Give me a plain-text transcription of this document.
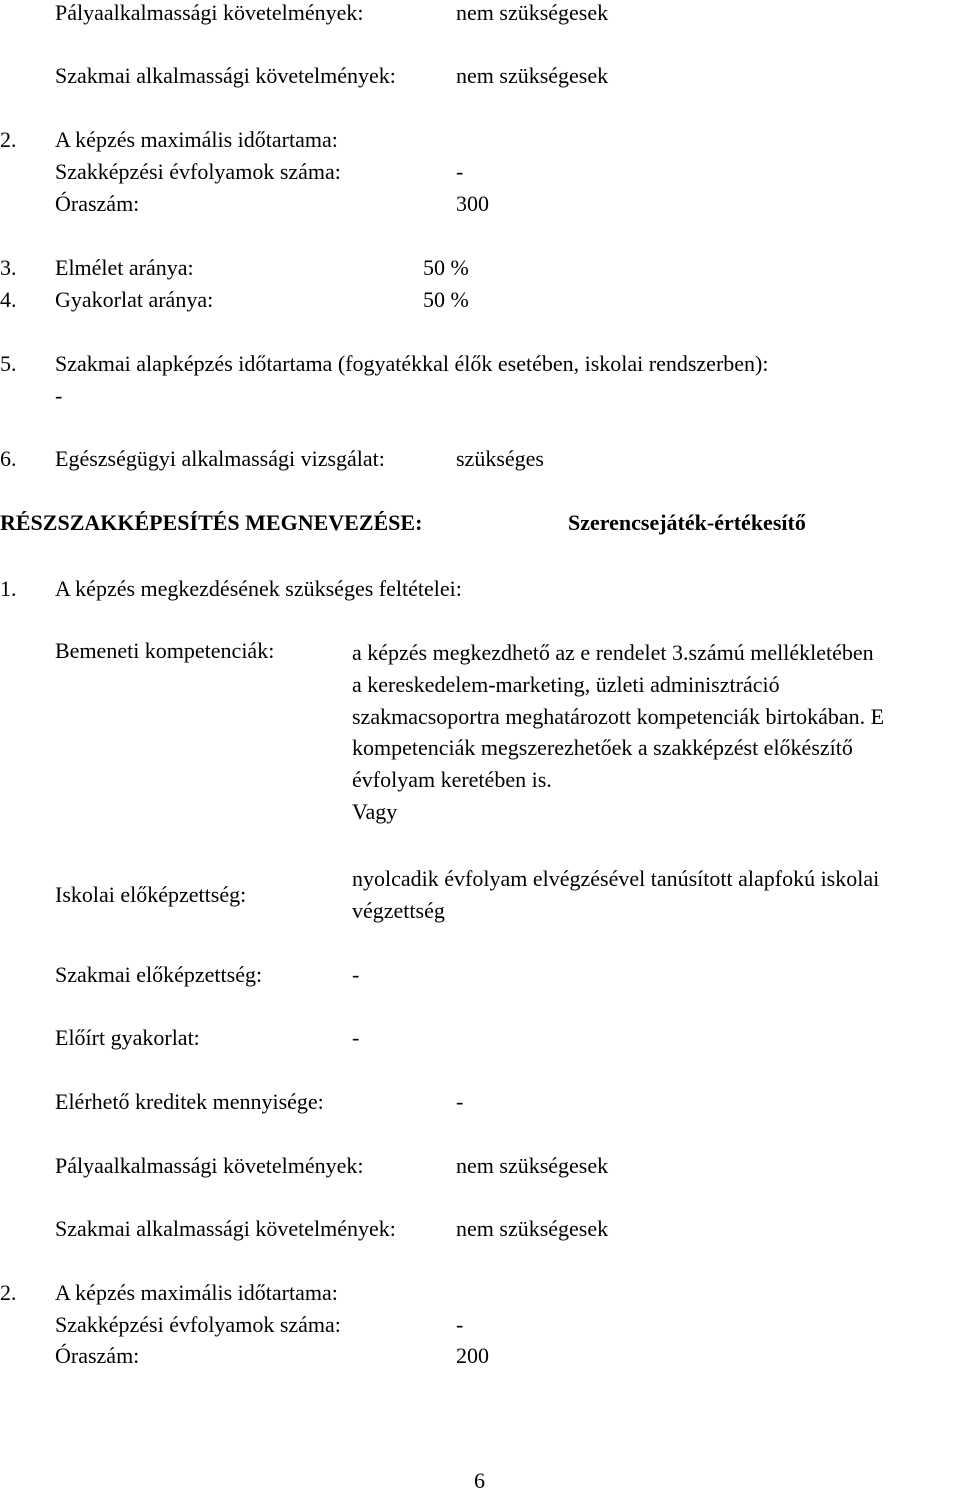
Pályaalkalmassági követelmények:	nem szükségesek

Szakmai alkalmassági követelmények:	nem szükségesek

2. A képzés maximális időtartama:

Szakképzési évfolyamok száma:	-

Óraszám:	300

3. Elmélet aránya:	50 %

4. Gyakorlat aránya:	50 %

5. Szakmai alapképzés időtartama (fogyatékkal élők esetében, iskolai rendszerben):

-

6. Egészségügyi alkalmassági vizsgálat:	szükséges

RÉSZSZAKKÉPESÍTÉS MEGNEVEZÉSE:	Szerencsejáték-értékesítő

1. A képzés megkezdésének szükséges feltételei:

Bemeneti kompetenciák:	a képzés megkezdhető az e rendelet 3.számú mellékletében

a kereskedelem-marketing, üzleti adminisztráció

szakmacsoportra meghatározott kompetenciák birtokában. E

kompetenciák megszerezhetőek a szakképzést előkészítő

évfolyam keretében is.

Vagy

Iskolai előképzettség:

nyolcadik évfolyam elvégzésével tanúsított alapfokú iskolai

végzettség

Szakmai előképzettség:	-

Előírt gyakorlat:	-

Elérhető kreditek mennyisége:	-

Pályaalkalmassági követelmények:	nem szükségesek

Szakmai alkalmassági követelmények:	nem szükségesek

2. A képzés maximális időtartama:

Szakképzési évfolyamok száma:	-

Óraszám:	200

6
